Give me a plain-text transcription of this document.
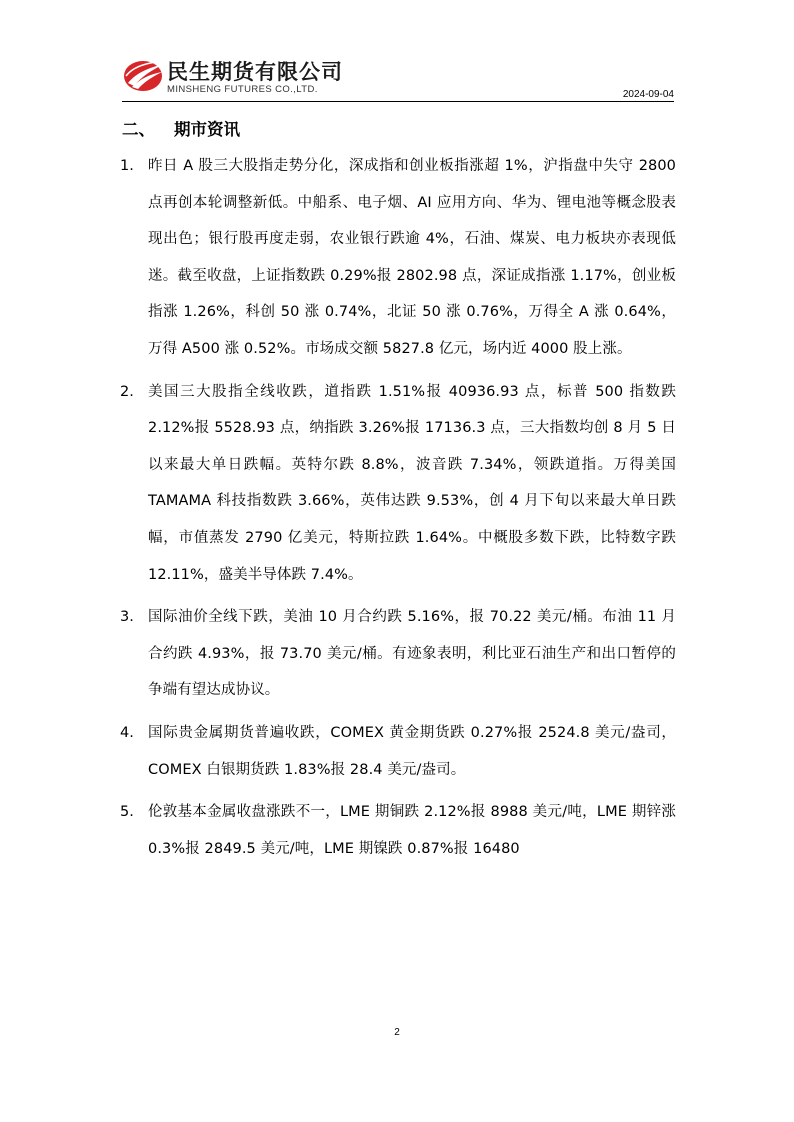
民生期货有限公司
MINSHENG FUTURES CO.,LTD.	2024-09-04
二、 期市资讯
1. 昨日 A 股三大股指走势分化，深成指和创业板指涨超 1%，沪指盘中失守 2800 点再创本轮调整新低。中船系、电子烟、AI 应用方向、华为、锂电池等概念股表现出色；银行股再度走弱，农业银行跌逾 4%，石油、煤炭、电力板块亦表现低迷。截至收盘，上证指数跌 0.29%报 2802.98 点，深证成指涨 1.17%，创业板指涨 1.26%，科创 50 涨 0.74%，北证 50 涨 0.76%，万得全 A 涨 0.64%，万得 A500 涨 0.52%。市场成交额 5827.8 亿元，场内近 4000 股上涨。
2. 美国三大股指全线收跌，道指跌 1.51%报 40936.93 点，标普 500 指数跌 2.12%报 5528.93 点，纳指跌 3.26%报 17136.3 点，三大指数均创 8 月 5 日以来最大单日跌幅。英特尔跌 8.8%，波音跌 7.34%，领跌道指。万得美国 TAMAMA 科技指数跌 3.66%，英伟达跌 9.53%，创 4 月下旬以来最大单日跌幅，市值蒸发 2790 亿美元，特斯拉跌 1.64%。中概股多数下跌，比特数字跌 12.11%，盛美半导体跌 7.4%。
3. 国际油价全线下跌，美油 10 月合约跌 5.16%，报 70.22 美元/桶。布油 11 月合约跌 4.93%，报 73.70 美元/桶。有迹象表明，利比亚石油生产和出口暂停的争端有望达成协议。
4. 国际贵金属期货普遍收跌，COMEX 黄金期货跌 0.27%报 2524.8 美元/盎司，COMEX 白银期货跌 1.83%报 28.4 美元/盎司。
5. 伦敦基本金属收盘涨跌不一，LME 期铜跌 2.12%报 8988 美元/吨，LME 期锌涨 0.3%报 2849.5 美元/吨，LME 期镍跌 0.87%报 16480
2
